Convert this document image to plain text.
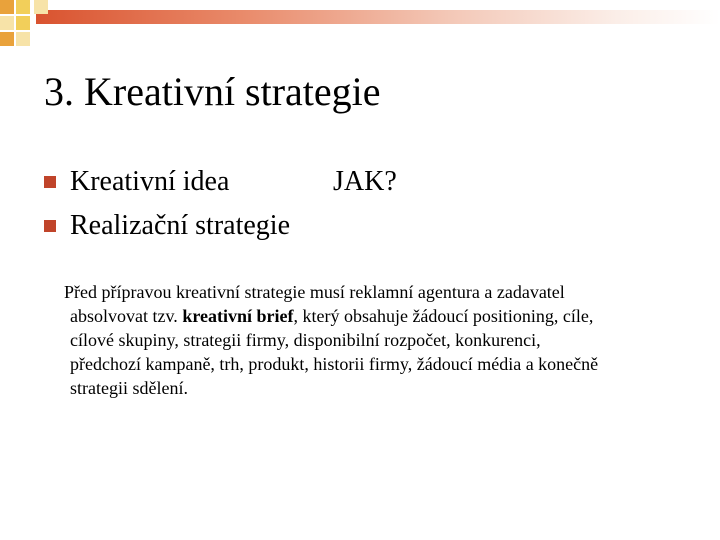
3. Kreativní strategie
Kreativní idea	JAK?
Realizační strategie
Před přípravou kreativní strategie musí reklamní agentura a zadavatel
absolvovat tzv. kreativní brief, který obsahuje žádoucí positioning, cíle,
cílové skupiny, strategii firmy, disponibilní rozpočet, konkurenci,
předchozí kampaně, trh, produkt, historii firmy, žádoucí média a konečně
strategii sdělení.
